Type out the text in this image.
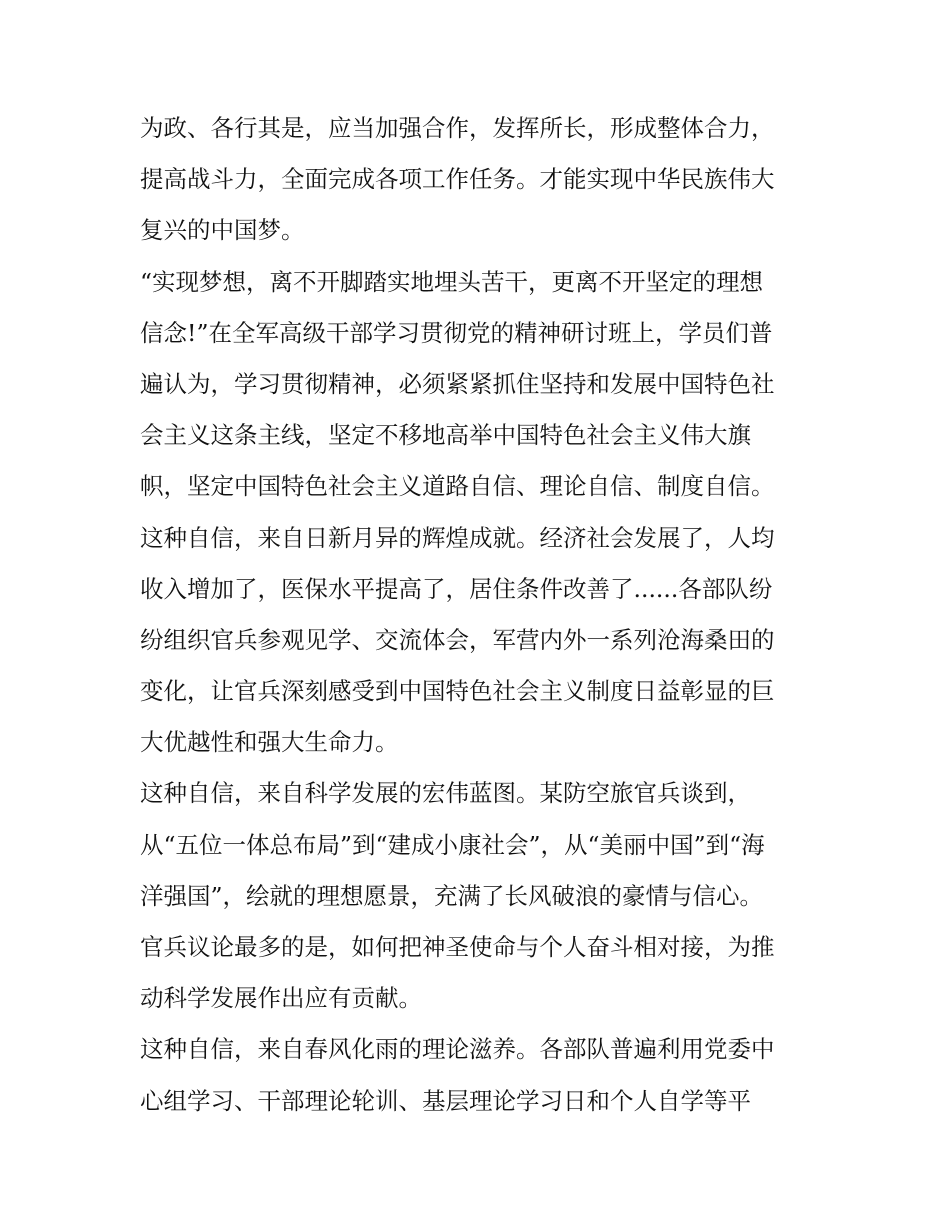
为政、各行其是，应当加强合作，发挥所长，形成整体合力，
提高战斗力，全面完成各项工作任务。才能实现中华民族伟大
复兴的中国梦。
“实现梦想，离不开脚踏实地埋头苦干，更离不开坚定的理想
信念!”在全军高级干部学习贯彻党的精神研讨班上，学员们普
遍认为，学习贯彻精神，必须紧紧抓住坚持和发展中国特色社
会主义这条主线，坚定不移地高举中国特色社会主义伟大旗
帜，坚定中国特色社会主义道路自信、理论自信、制度自信。
这种自信，来自日新月异的辉煌成就。经济社会发展了，人均
收入增加了，医保水平提高了，居住条件改善了......各部队纷
纷组织官兵参观见学、交流体会，军营内外一系列沧海桑田的
变化，让官兵深刻感受到中国特色社会主义制度日益彰显的巨
大优越性和强大生命力。
这种自信，来自科学发展的宏伟蓝图。某防空旅官兵谈到，
从“五位一体总布局”到“建成小康社会”，从“美丽中国”到“海
洋强国”，绘就的理想愿景，充满了长风破浪的豪情与信心。
官兵议论最多的是，如何把神圣使命与个人奋斗相对接，为推
动科学发展作出应有贡献。
这种自信，来自春风化雨的理论滋养。各部队普遍利用党委中
心组学习、干部理论轮训、基层理论学习日和个人自学等平
